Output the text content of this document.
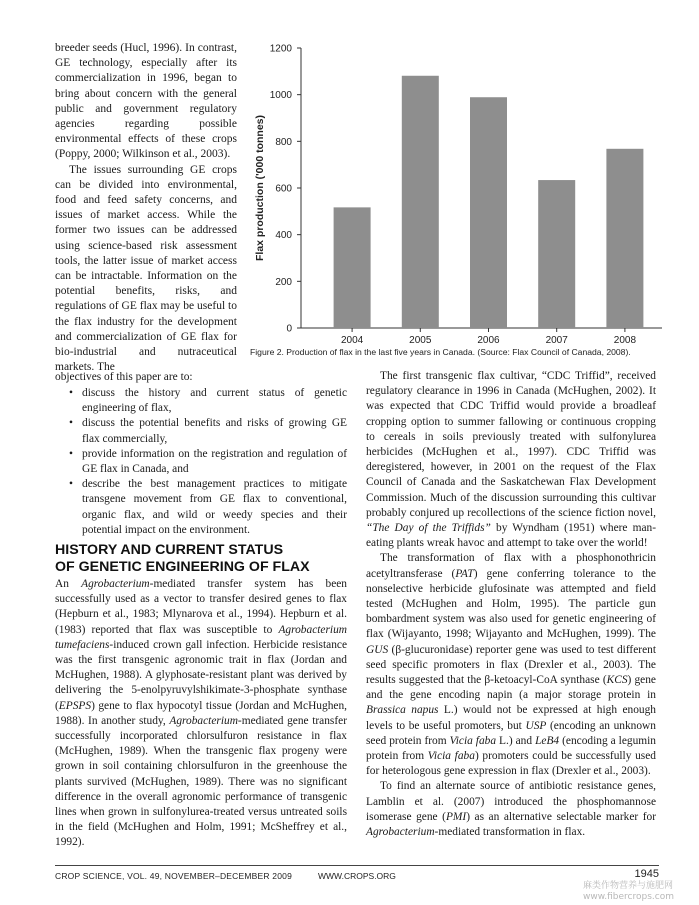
breeder seeds (Hucl, 1996). In contrast, GE technology, especially after its commercialization in 1996, began to bring about concern with the general public and government regulatory agencies regarding possible environmental effects of these crops (Poppy, 2000; Wilkinson et al., 2003).

The issues surrounding GE crops can be divided into environmental, food and feed safety concerns, and issues of market access. While the former two issues can be addressed using science-based risk assessment tools, the latter issue of market access can be intractable. Information on the potential benefits, risks, and regulations of GE flax may be useful to the flax industry for the development and commercialization of GE flax for bio-industrial and nutraceutical markets. The

0
200
400
600
800
1000
1200
Flax production ('000 tonnes)
2004	2005	2006	2007	2008
Figure 2. Production of flax in the last five years in Canada. (Source: Flax Council of Canada, 2008).

objectives of this paper are to:

• discuss the history and current status of genetic engineering of flax,
• discuss the potential benefits and risks of growing GE flax commercially,
• provide information on the registration and regulation of GE flax in Canada, and
• describe the best management practices to mitigate transgene movement from GE flax to conventional, organic flax, and wild or weedy species and their potential impact on the environment.
HISTORY AND CURRENT STATUS
OF GENETIC ENGINEERING OF FLAX

An Agrobacterium-mediated transfer system has been successfully used as a vector to transfer desired genes to flax (Hepburn et al., 1983; Mlynarova et al., 1994). Hepburn et al. (1983) reported that flax was susceptible to Agrobacterium tumefaciens-induced crown gall infection. Herbicide resistance was the first transgenic agronomic trait in flax (Jordan and McHughen, 1988). A glyphosate-resistant plant was derived by delivering the 5-enolpyruvylshikimate-3-phosphate synthase (EPSPS) gene to flax hypocotyl tissue (Jordan and McHughen, 1988). In another study, Agrobacterium-mediated gene transfer successfully incorporated chlorsulfuron resistance in flax (McHughen, 1989). When the transgenic flax progeny were grown in soil containing chlorsulfuron in the greenhouse the plants survived (McHughen, 1989). There was no significant difference in the overall agronomic performance of transgenic lines when grown in sulfonylurea-treated versus untreated soils in the field (McHughen and Holm, 1991; McSheffrey et al., 1992).

The first transgenic flax cultivar, “CDC Triffid”, received regulatory clearance in 1996 in Canada (McHughen, 2002). It was expected that CDC Triffid would provide a broadleaf cropping option to summer fallowing or continuous cropping to cereals in soils previously treated with sulfonylurea herbicides (McHughen et al., 1997). CDC Triffid was deregistered, however, in 2001 on the request of the Flax Council of Canada and the Saskatchewan Flax Development Commission. Much of the discussion surrounding this cultivar probably conjured up recollections of the science fiction novel, “The Day of the Triffids” by Wyndham (1951) where man-eating plants wreak havoc and attempt to take over the world!

The transformation of flax with a phosphonothricin acetyltransferase (PAT) gene conferring tolerance to the nonselective herbicide glufosinate was attempted and field tested (McHughen and Holm, 1995). The particle gun bombardment system was also used for genetic engineering of flax (Wijayanto, 1998; Wijayanto and McHughen, 1999). The GUS (β-glucuronidase) reporter gene was used to test different seed specific promoters in flax (Drexler et al., 2003). The results suggested that the β-ketoacyl-CoA synthase (KCS) gene and the gene encoding napin (a major storage protein in Brassica napus L.) would not be expressed at high enough levels to be useful promoters, but USP (encoding an unknown seed protein from Vicia faba L.) and LeB4 (encoding a legumin protein from Vicia faba) promoters could be successfully used for heterologous gene expression in flax (Drexler et al., 2003).

To find an alternate source of antibiotic resistance genes, Lamblin et al. (2007) introduced the phosphomannose isomerase gene (PMI) as an alternative selectable marker for Agrobacterium-mediated transformation in flax.

CROP SCIENCE, VOL. 49, NOVEMBER–DECEMBER 2009	WWW.CROPS.ORG	1945
麻类作物营养与施肥网
www.fibercrops.com
